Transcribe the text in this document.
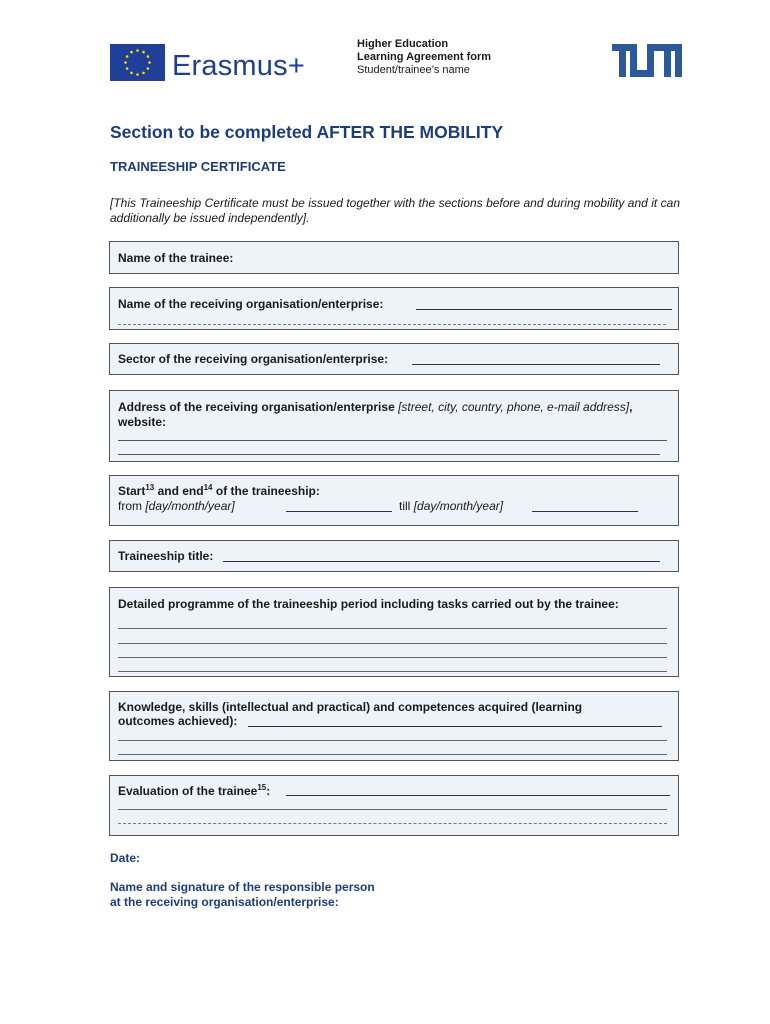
Erasmus+
Higher Education
Learning Agreement form
Student/trainee’s name
Section to be completed AFTER THE MOBILITY
TRAINEESHIP CERTIFICATE
[This Traineeship Certificate must be issued together with the sections before and during mobility and it can additionally be issued independently].
Name of the trainee:
Name of the receiving organisation/enterprise:
Sector of the receiving organisation/enterprise:
Address of the receiving organisation/enterprise [street, city, country, phone, e-mail address],
website:
Start$^{13}$ and end$^{14}$ of the traineeship:
from [day/month/year]	till [day/month/year]
Traineeship title:
Detailed programme of the traineeship period including tasks carried out by the trainee:
Knowledge, skills (intellectual and practical) and competences acquired (learning
outcomes achieved):
Evaluation of the trainee$^{15}$:
Date:
Name and signature of the responsible person
at the receiving organisation/enterprise:
